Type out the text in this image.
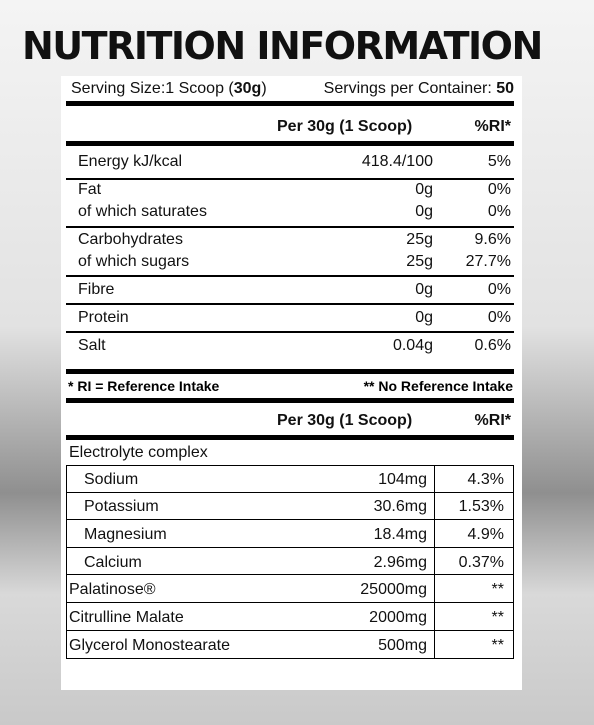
NUTRITION INFORMATION
Serving Size:1 Scoop (30g)	Servings per Container: 50
Per 30g (1 Scoop)	%RI*
Energy kJ/kcal	418.4/100	5%
Fat	0g	0%
of which saturates	0g	0%
Carbohydrates	25g	9.6%
of which sugars	25g 27.7%
Fibre	0g	0%
Protein	0g	0%
Salt	0.04g	0.6%
* RI = Reference Intake	** No Reference Intake
Per 30g (1 Scoop)	%RI*
Electrolyte complex
Sodium	104mg	4.3%
Potassium	30.6mg 1.53%
Magnesium	18.4mg	4.9%
Calcium	2.96mg 0.37%
Palatinose®	25000mg	**
Citrulline Malate	2000mg	**
Glycerol Monostearate	500mg	**
